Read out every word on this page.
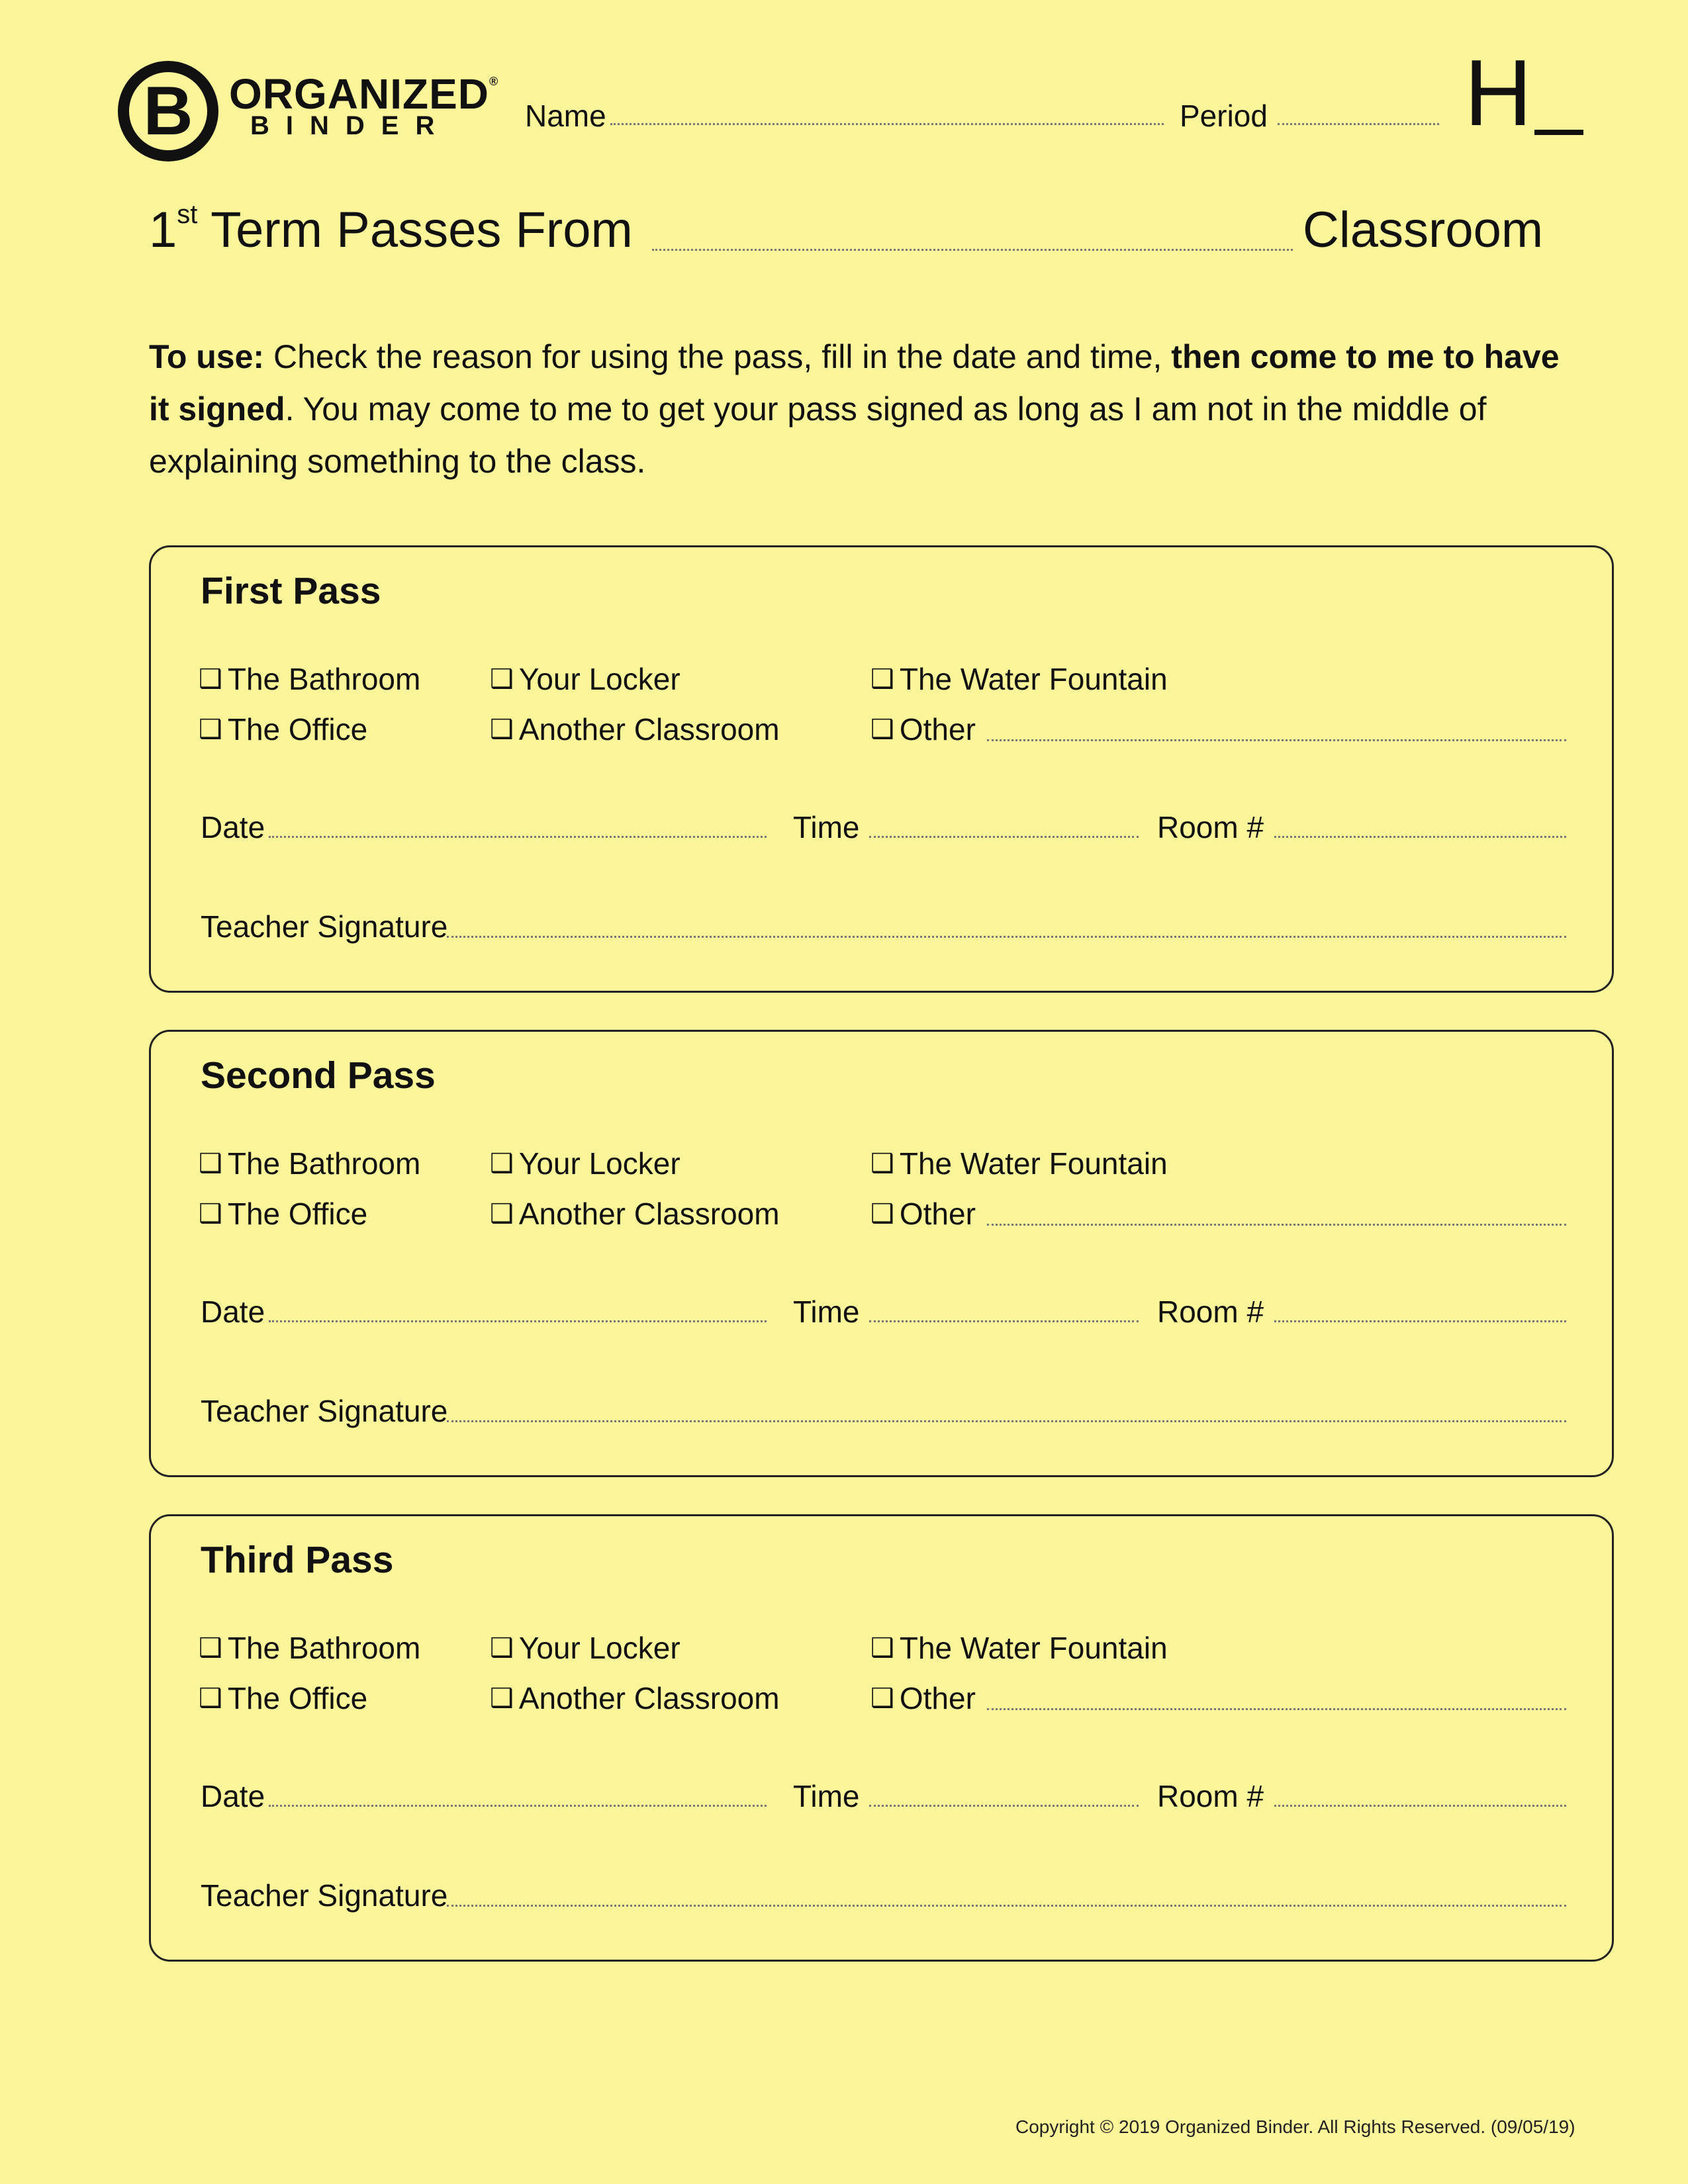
B ORGANIZED®
BINDER Name	Period H
1st Term Passes From	Classroom
To use: Check the reason for using the pass, fill in the date and time, then come to me to have it signed. You may come to me to get your pass signed as long as I am not in the middle of explaining something to the class.
First Pass
❑ The Bathroom	❑ Your Locker	❑ The Water Fountain
❑ The Office	❑ Another Classroom	❑ Other
Date	Time	Room #
Teacher Signature
Second Pass
❑ The Bathroom	❑ Your Locker	❑ The Water Fountain
❑ The Office	❑ Another Classroom	❑ Other
Date	Time	Room #
Teacher Signature
Third Pass
❑ The Bathroom	❑ Your Locker	❑ The Water Fountain
❑ The Office	❑ Another Classroom	❑ Other
Date	Time	Room #
Teacher Signature
Copyright © 2019 Organized Binder. All Rights Reserved. (09/05/19)
